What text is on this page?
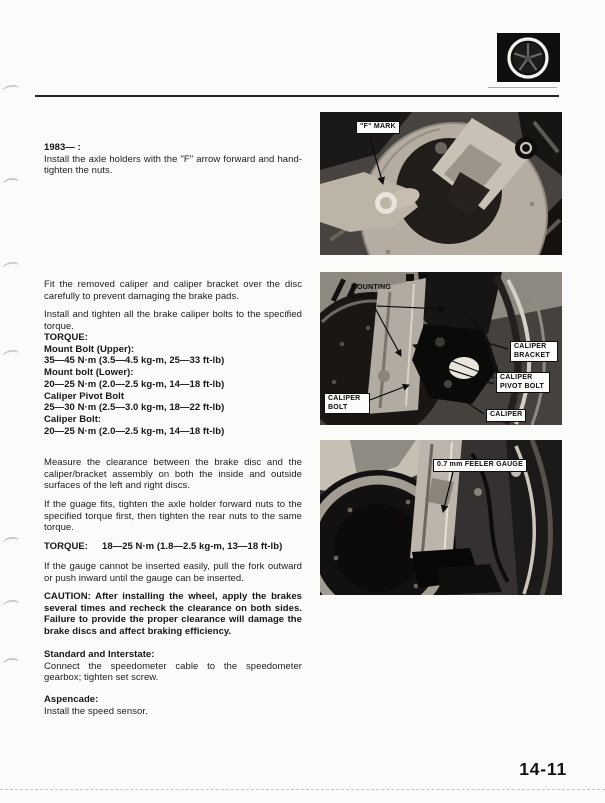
1983— :

Install the axle holders with the "F" arrow forward and hand-tighten the nuts.

Fit the removed caliper and caliper bracket over the disc carefully to prevent damaging the brake pads.

Install and tighten all the brake caliper bolts to the specified torque.

TORQUE:

Mount Bolt (Upper):

35—45 N·m (3.5—4.5 kg-m, 25—33 ft-lb)

Mount bolt (Lower):

20—25 N·m (2.0—2.5 kg-m, 14—18 ft-lb)

Caliper Pivot Bolt

25—30 N·m (2.5—3.0 kg-m, 18—22 ft-lb)

Caliper Bolt:

20—25 N·m (2.0—2.5 kg-m, 14—18 ft-lb)

Measure the clearance between the brake disc and the caliper/bracket assembly on both the inside and outside surfaces of the left and right discs.

If the guage fits, tighten the axle holder forward nuts to the specified torque first, then tighten the rear nuts to the same torque.

TORQUE: 18—25 N·m (1.8—2.5 kg-m, 13—18 ft-lb)

If the gauge cannot be inserted easily, pull the fork outward or push inward until the gauge can be inserted.

CAUTION: After installing the wheel, apply the brakes several times and recheck the clearance on both sides. Failure to provide the proper clearance will damage the brake discs and affect braking efficiency.

Standard and Interstate:

Connect the speedometer cable to the speedometer gearbox; tighten set screw.

Aspencade:

Install the speed sensor.

"F" MARK
MOUNTING BOLTS
CALIPER BRACKET
CALIPER PIVOT BOLT
CALIPER BOLT
CALIPER
0.7 mm FEELER GAUGE
14-11
